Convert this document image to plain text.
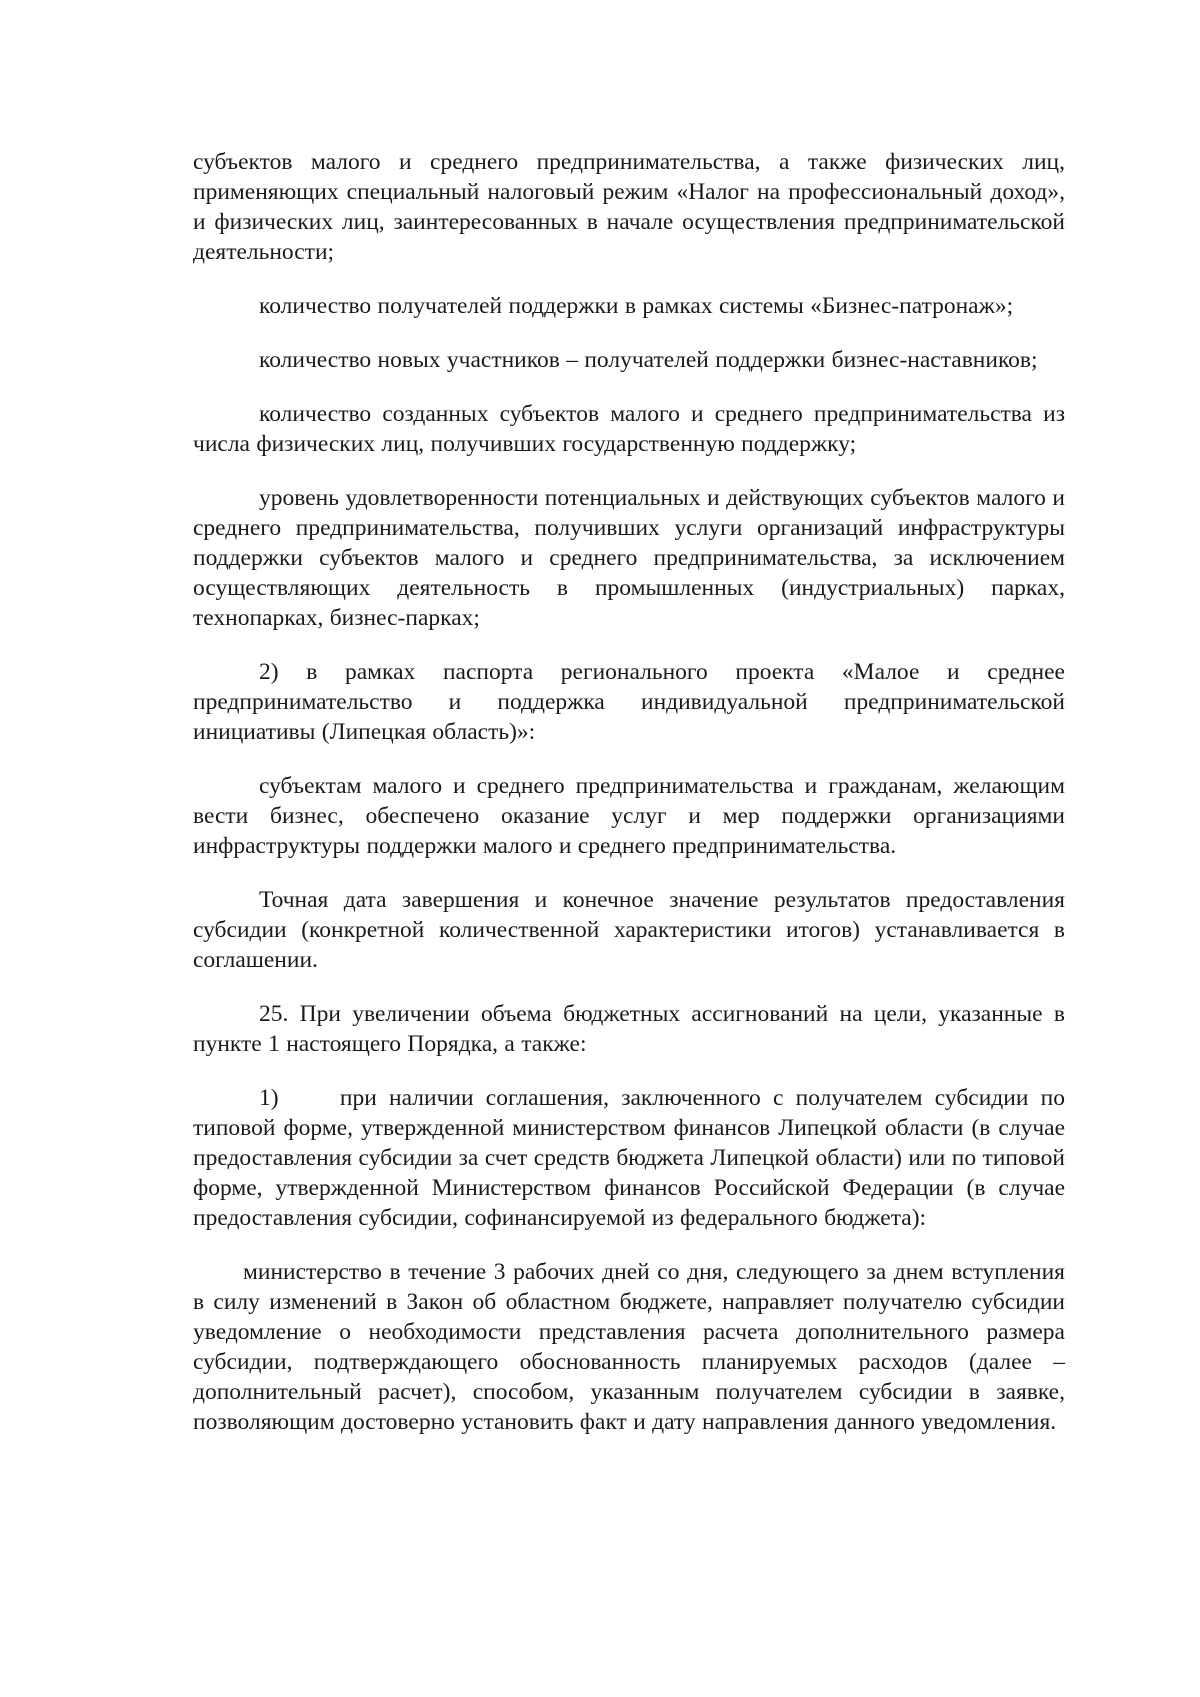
субъектов малого и среднего предпринимательства, а также физических лиц, применяющих специальный налоговый режим «Налог на профессиональный доход», и физических лиц, заинтересованных в начале осуществления предпринимательской деятельности;

количество получателей поддержки в рамках системы «Бизнес-патронаж»;

количество новых участников – получателей поддержки бизнес-наставников;

количество созданных субъектов малого и среднего предпринимательства из числа физических лиц, получивших государственную поддержку;

уровень удовлетворенности потенциальных и действующих субъектов малого и среднего предпринимательства, получивших услуги организаций инфраструктуры поддержки субъектов малого и среднего предпринимательства, за исключением осуществляющих деятельность в промышленных (индустриальных) парках, технопарках, бизнес-парках;

2) в рамках паспорта регионального проекта «Малое и среднее предпринимательство и поддержка индивидуальной предпринимательской инициативы (Липецкая область)»:

субъектам малого и среднего предпринимательства и гражданам, желающим вести бизнес, обеспечено оказание услуг и мер поддержки организациями инфраструктуры поддержки малого и среднего предпринимательства.

Точная дата завершения и конечное значение результатов предоставления субсидии (конкретной количественной характеристики итогов) устанавливается в соглашении.

25. При увеличении объема бюджетных ассигнований на цели, указанные в пункте 1 настоящего Порядка, а также:

1)     при наличии соглашения, заключенного с получателем субсидии по типовой форме, утвержденной министерством финансов Липецкой области (в случае предоставления субсидии за счет средств бюджета Липецкой области) или по типовой форме, утвержденной Министерством финансов Российской Федерации (в случае предоставления субсидии, софинансируемой из федерального бюджета):

министерство в течение 3 рабочих дней со дня, следующего за днем вступления в силу изменений в Закон об областном бюджете, направляет получателю субсидии уведомление о необходимости представления расчета дополнительного размера субсидии, подтверждающего обоснованность планируемых расходов (далее – дополнительный расчет), способом, указанным получателем субсидии в заявке, позволяющим достоверно установить факт и дату направления данного уведомления.
